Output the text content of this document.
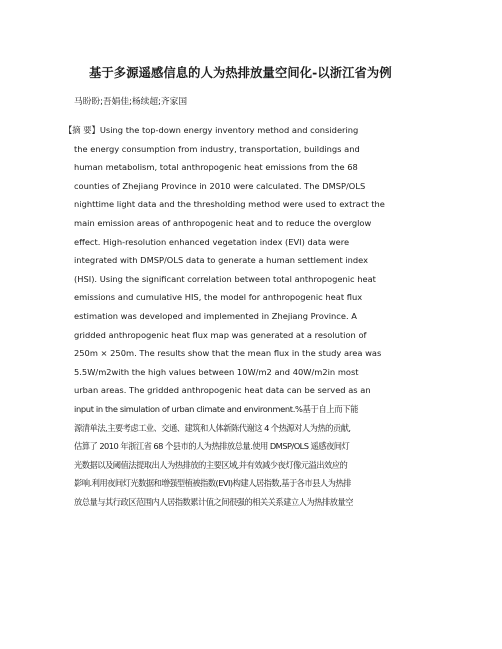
基于多源遥感信息的人为热排放量空间化-以浙江省为例
马盼盼;吾娟佳;杨续超;齐家国
【摘 要】Using the top-down energy inventory method and considering
the energy consumption from industry, transportation, buildings and
human metabolism, total anthropogenic heat emissions from the 68
counties of Zhejiang Province in 2010 were calculated. The DMSP/OLS
nighttime light data and the thresholding method were used to extract the
main emission areas of anthropogenic heat and to reduce the overglow
effect. High-resolution enhanced vegetation index (EVI) data were
integrated with DMSP/OLS data to generate a human settlement index
(HSI). Using the significant correlation between total anthropogenic heat
emissions and cumulative HIS, the model for anthropogenic heat flux
estimation was developed and implemented in Zhejiang Province. A
gridded anthropogenic heat flux map was generated at a resolution of
250m × 250m. The results show that the mean flux in the study area was
5.5W/m2with the high values between 10W/m2 and 40W/m2in most
urban areas. The gridded anthropogenic heat data can be served as an
input in the simulation of urban climate and environment.%基于自上而下能
源清单法,主要考虑工业、交通、建筑和人体新陈代谢这 4 个热源对人为热的贡献,
估算了 2010 年浙江省 68 个县市的人为热排放总量.使用 DMSP/OLS 遥感夜间灯
光数据以及阈值法提取出人为热排放的主要区域,并有效减少夜灯像元溢出效应的
影响.利用夜间灯光数据和增强型植被指数(EVI)构建人居指数,基于各市县人为热排
放总量与其行政区范围内人居指数累计值之间很强的相关关系建立人为热排放量空
